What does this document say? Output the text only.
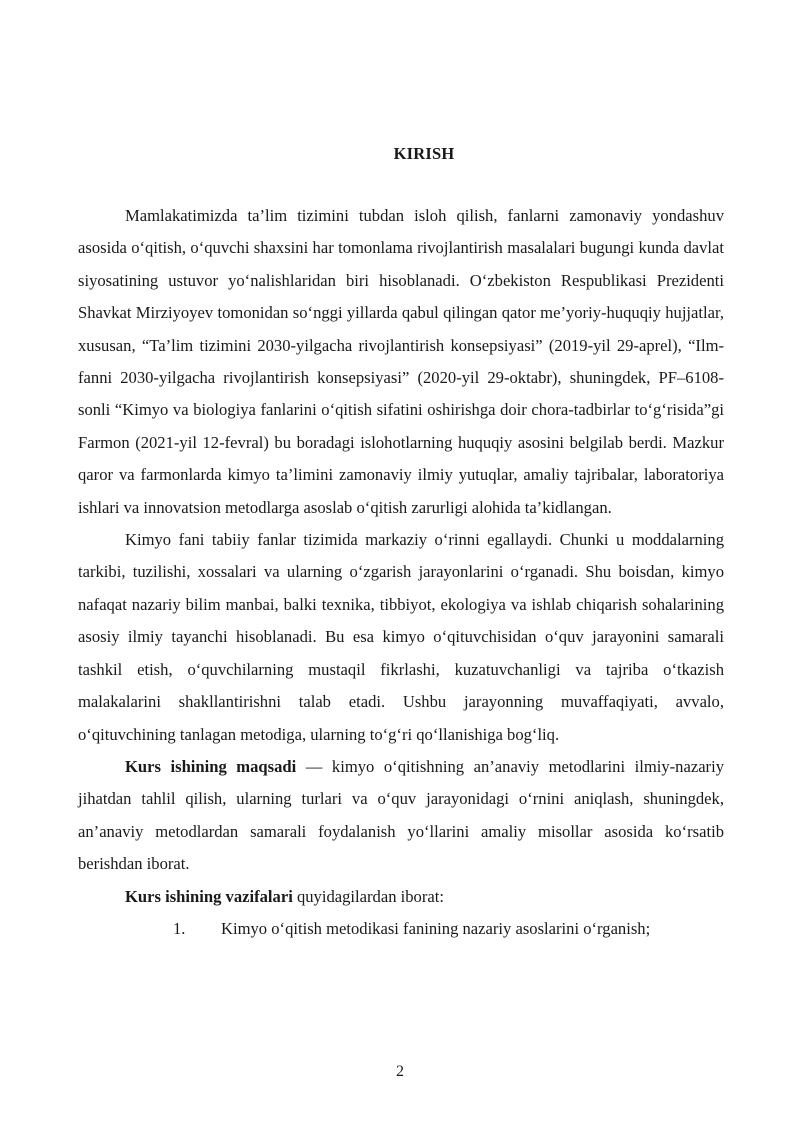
KIRISH

Mamlakatimizda ta’lim tizimini tubdan isloh qilish, fanlarni zamonaviy yondashuv asosida o‘qitish, o‘quvchi shaxsini har tomonlama rivojlantirish masalalari bugungi kunda davlat siyosatining ustuvor yo‘nalishlaridan biri hisoblanadi. O‘zbekiston Respublikasi Prezidenti Shavkat Mirziyoyev tomonidan so‘nggi yillarda qabul qilingan qator me’yoriy-huquqiy hujjatlar, xususan, “Ta’lim tizimini 2030-yilgacha rivojlantirish konsepsiyasi” (2019-yil 29-aprel), “Ilm-fanni 2030-yilgacha rivojlantirish konsepsiyasi” (2020-yil 29-oktabr), shuningdek, PF–6108-sonli “Kimyo va biologiya fanlarini o‘qitish sifatini oshirishga doir chora-tadbirlar to‘g‘risida”gi Farmon (2021-yil 12-fevral) bu boradagi islohotlarning huquqiy asosini belgilab berdi. Mazkur qaror va farmonlarda kimyo ta’limini zamonaviy ilmiy yutuqlar, amaliy tajribalar, laboratoriya ishlari va innovatsion metodlarga asoslab o‘qitish zarurligi alohida ta’kidlangan.

Kimyo fani tabiiy fanlar tizimida markaziy o‘rinni egallaydi. Chunki u moddalarning tarkibi, tuzilishi, xossalari va ularning o‘zgarish jarayonlarini o‘rganadi. Shu boisdan, kimyo nafaqat nazariy bilim manbai, balki texnika, tibbiyot, ekologiya va ishlab chiqarish sohalarining asosiy ilmiy tayanchi hisoblanadi. Bu esa kimyo o‘qituvchisidan o‘quv jarayonini samarali tashkil etish, o‘quvchilarning mustaqil fikrlashi, kuzatuvchanligi va tajriba o‘tkazish malakalarini shakllantirishni talab etadi. Ushbu jarayonning muvaffaqiyati, avvalo, o‘qituvchining tanlagan metodiga, ularning to‘g‘ri qo‘llanishiga bog‘liq.

Kurs ishining maqsadi — kimyo o‘qitishning an’anaviy metodlarini ilmiy-nazariy jihatdan tahlil qilish, ularning turlari va o‘quv jarayonidagi o‘rnini aniqlash, shuningdek, an’anaviy metodlardan samarali foydalanish yo‘llarini amaliy misollar asosida ko‘rsatib berishdan iborat.

Kurs ishining vazifalari quyidagilardan iborat:

1.	Kimyo o‘qitish metodikasi fanining nazariy asoslarini o‘rganish;
2
